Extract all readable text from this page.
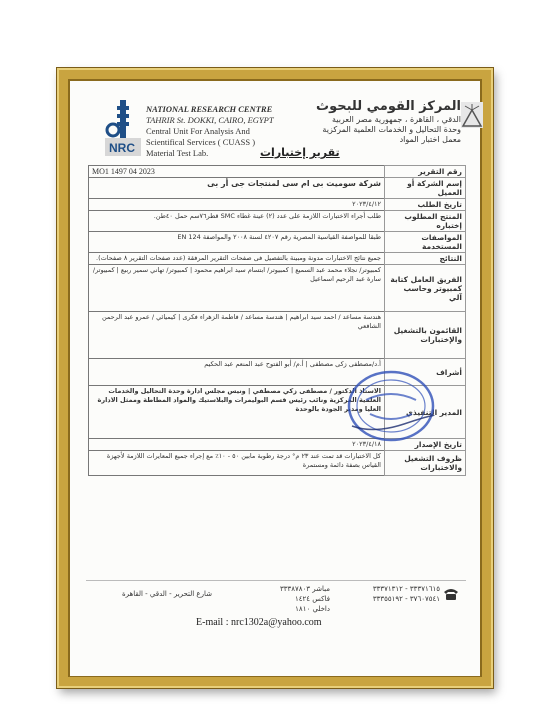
NRC
NATIONAL RESEARCH CENTRE
TAHRIR St. DOKKI, CAIRO, EGYPT
Central Unit For Analysis And
Scientifical Services ( CUASS )
Material Test Lab.
المركز القومي للبحوث
الدقي ، القاهرة ، جمهورية مصر العربية
وحدة التحاليل و الخدمات العلمية المركزية
معمل اختبار المواد
تقرير إختبارات
رقم التقرير	MO1 1497 04 2023
إسم الشركة أو العميل	شركة سوميت بى ام سى لمنتجات جى أر بى
تاريخ الطلب	٢٠٢٣/٤/١٢
المنتج المطلوب إختباره	طلب أجراء الاختبارات اللازمة على عدد (٢) عينة غطاء SMC قطر٧٦سم حمل ٤٠طن.
المواصفات المستخدمة	طبقا للمواصفة القياسية المصرية رقم ٤٢٠٧ لسنة ٢٠٠٨ والمواصفة EN 124
النتائج	جميع نتائج الاختبارات مدونة ومبينة بالتفصيل فى صفحات التقرير المرفقة (عدد صفحات التقرير ٨ صفحات).
الفريق العامل كتابة كمبيوتر وحاسب آلي	كمبيوتر/ نجلاء محمد عبد السميع | كمبيوتر/ ابتسام سيد ابراهيم محمود | كمبيوتر/ تهاني سمير ربيع | كمبيوتر/ سارة عبد الرحيم اسماعيل
القائمون بالتشغيل والإختبارات	هندسة مساعد / احمد سيد ابراهيم | هندسة مساعد / فاطمة الزهراء فكرى | كيميائي / عمرو عبد الرحمن الشافعي
أشراف	أ.د/مصطفى زكى مصطفى | أ.م/ أبو الفتوح عبد المنعم عبد الحكيم
المدير التنفيذي	الاستاذ الدكتور / مصطفى زكي مصطفي | ونيس مجلس ادارة وحدة التحاليل والخدمات العلمية المركزية ونائب رئيس قسم البوليمرات والبلاستيك والمواد المطاطة وممثل الادارة العليا ومدير الجودة بالوحدة
تاريخ الإصدار	٢٠٢٣/٤/١٨
ظروف التشغيل والاختبارات	كل الاختبارات قد تمت عند ٢٣ م° درجة رطوبة مابين ٥٠ - ١٠٪ مع إجراء جميع المعايرات اللازمة لأجهزة القياس بصفة دائمة ومستمرة
شارع التحرير - الدقي - القاهرة
مباشر ٣٣٣٨٧٨٠٣
فاكس ١٤٢٤
داخلي ١٨١٠
٣٣٣٧١٦١٥ - ٣٣٣٧١٣١٢
٣٧٦٠٧٥٤١ - ٣٣٣٥٥١٩٢
E-mail : nrc1302a@yahoo.com
